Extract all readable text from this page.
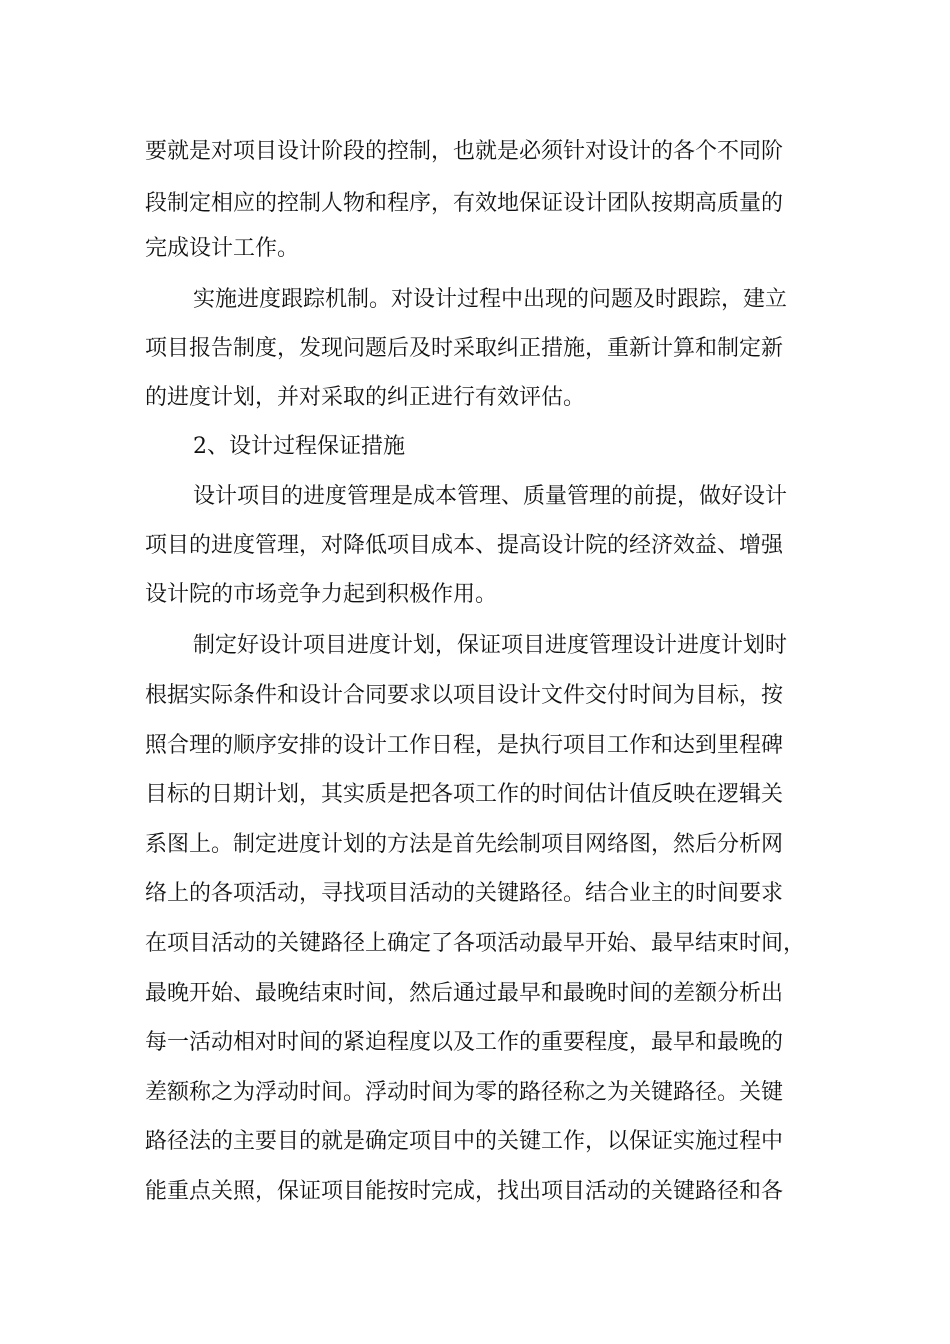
要就是对项目设计阶段的控制，也就是必须针对设计的各个不同阶
段制定相应的控制人物和程序，有效地保证设计团队按期高质量的
完成设计工作。
实施进度跟踪机制。对设计过程中出现的问题及时跟踪，建立
项目报告制度，发现问题后及时采取纠正措施，重新计算和制定新
的进度计划，并对采取的纠正进行有效评估。
2、设计过程保证措施
设计项目的进度管理是成本管理、质量管理的前提，做好设计
项目的进度管理，对降低项目成本、提高设计院的经济效益、增强
设计院的市场竞争力起到积极作用。
制定好设计项目进度计划，保证项目进度管理设计进度计划时
根据实际条件和设计合同要求以项目设计文件交付时间为目标，按
照合理的顺序安排的设计工作日程，是执行项目工作和达到里程碑
目标的日期计划，其实质是把各项工作的时间估计值反映在逻辑关
系图上。制定进度计划的方法是首先绘制项目网络图，然后分析网
络上的各项活动，寻找项目活动的关键路径。结合业主的时间要求
在项目活动的关键路径上确定了各项活动最早开始、最早结束时间，
最晚开始、最晚结束时间，然后通过最早和最晚时间的差额分析出
每一活动相对时间的紧迫程度以及工作的重要程度，最早和最晚的
差额称之为浮动时间。浮动时间为零的路径称之为关键路径。关键
路径法的主要目的就是确定项目中的关键工作，以保证实施过程中
能重点关照，保证项目能按时完成，找出项目活动的关键路径和各
